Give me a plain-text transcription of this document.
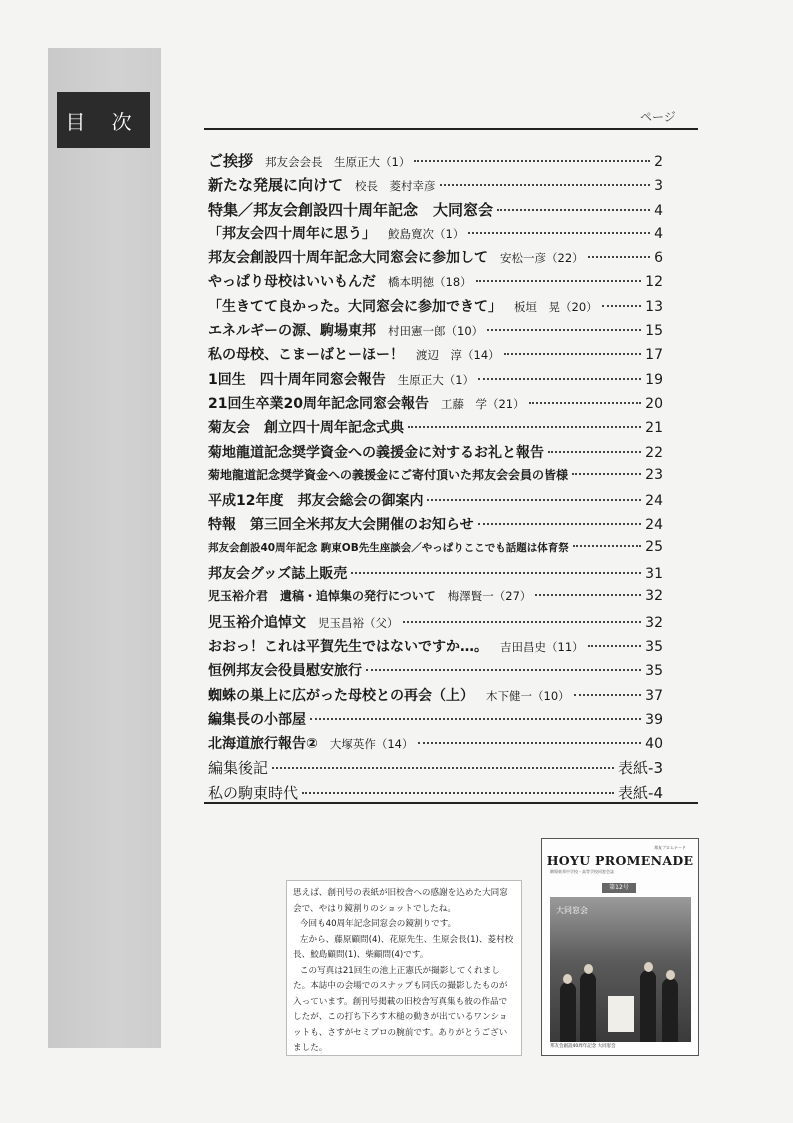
目 次	ページ
ご挨拶 邦友会会長　生原正大（1）	2
新たな発展に向けて 校長　菱村幸彦	3
特集／邦友会創設四十周年記念　大同窓会	4
「邦友会四十周年に思う」 鮫島寛次（1）	4
邦友会創設四十周年記念大同窓会に参加して 安松一彦（22）	6
やっぱり母校はいいもんだ 橋本明徳（18）	12
「生きてて良かった。大同窓会に参加できて」 板垣　晃（20）	13
エネルギーの源、駒場東邦 村田憲一郎（10）	15
私の母校、こまーばとーほー！ 渡辺　淳（14）	17
1回生　四十周年同窓会報告 生原正大（1）	19
21回生卒業20周年記念同窓会報告 工藤　学（21）	20
菊友会　創立四十周年記念式典	21
菊地龍道記念奨学資金への義援金に対するお礼と報告	22
菊地龍道記念奨学資金への義援金にご寄付頂いた邦友会会員の皆様	23
平成12年度　邦友会総会の御案内	24
特報　第三回全米邦友大会開催のお知らせ	24
邦友会創設40周年記念 駒東OB先生座談会／やっぱりここでも話題は体育祭	25
邦友会グッズ誌上販売	31
児玉裕介君　遺稿・追悼集の発行について 梅澤賢一（27）	32
児玉裕介追悼文 児玉昌裕（父）	32
おおっ！これは平賀先生ではないですか…。 吉田昌史（11）	35
恒例邦友会役員慰安旅行	35
蜘蛛の巣上に広がった母校との再会（上） 木下健一（10）	37
編集長の小部屋	39
北海道旅行報告② 大塚英作（14）	40
編集後記	表紙-3
私の駒東時代	表紙-4

思えば、創刊号の表紙が旧校舎への感謝を込めた大同窓会で、やはり鏡割りのショットでしたね。

今回も40周年記念同窓会の鏡割りです。

左から、藤原顧問(4)、花原先生、生原会長(1)、菱村校長、鮫島顧問(1)、柴顧問(4)です。

この写真は21回生の池上正憲氏が撮影してくれました。本誌中の会場でのスナップも同氏の撮影したものが入っています。創刊号掲載の旧校舎写真集も彼の作品でしたが、この打ち下ろす木槌の動きが出ているワンショットも、さすがセミプロの腕前です。ありがとうございました。

邦友プロムナード
HOYU PROMENADE
駒場東邦中学校・高等学校同窓会誌
第12号
大同窓会
邦友会創設40周年記念 大同窓会
